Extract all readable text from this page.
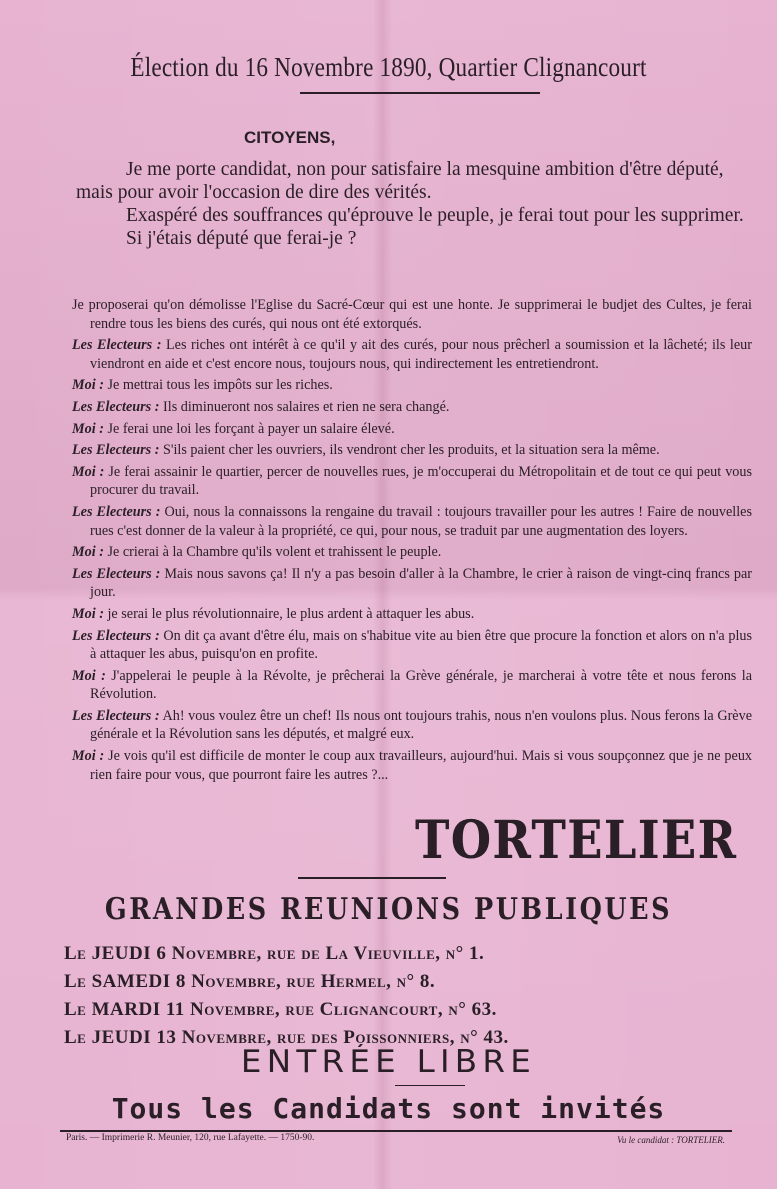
Élection du 16 Novembre 1890, Quartier Clignancourt
CITOYENS,

Je me porte candidat, non pour satisfaire la mesquine ambition d'être député, mais pour avoir l'occasion de dire des vérités.

Exaspéré des souffrances qu'éprouve le peuple, je ferai tout pour les supprimer.

Si j'étais député que ferai-je ?

Je proposerai qu'on démolisse l'Eglise du Sacré-Cœur qui est une honte. Je supprimerai le budjet des Cultes, je ferai rendre tous les biens des curés, qui nous ont été extorqués.

Les Electeurs : Les riches ont intérêt à ce qu'il y ait des curés, pour nous prêcherl a soumission et la lâcheté; ils leur viendront en aide et c'est encore nous, toujours nous, qui indirectement les entretiendront.

Moi : Je mettrai tous les impôts sur les riches.

Les Electeurs : Ils diminueront nos salaires et rien ne sera changé.

Moi : Je ferai une loi les forçant à payer un salaire élevé.

Les Electeurs : S'ils paient cher les ouvriers, ils vendront cher les produits, et la situation sera la même.

Moi : Je ferai assainir le quartier, percer de nouvelles rues, je m'occuperai du Métropolitain et de tout ce qui peut vous procurer du travail.

Les Electeurs : Oui, nous la connaissons la rengaine du travail : toujours travailler pour les autres ! Faire de nouvelles rues c'est donner de la valeur à la propriété, ce qui, pour nous, se traduit par une augmentation des loyers.

Moi : Je crierai à la Chambre qu'ils volent et trahissent le peuple.

Les Electeurs : Mais nous savons ça! Il n'y a pas besoin d'aller à la Chambre, le crier à raison de vingt-cinq francs par jour.

Moi : je serai le plus révolutionnaire, le plus ardent à attaquer les abus.

Les Electeurs : On dit ça avant d'être élu, mais on s'habitue vite au bien être que procure la fonction et alors on n'a plus à attaquer les abus, puisqu'on en profite.

Moi : J'appelerai le peuple à la Révolte, je prêcherai la Grève générale, je marcherai à votre tête et nous ferons la Révolution.

Les Electeurs : Ah! vous voulez être un chef! Ils nous ont toujours trahis, nous n'en voulons plus. Nous ferons la Grève générale et la Révolution sans les députés, et malgré eux.

Moi : Je vois qu'il est difficile de monter le coup aux travailleurs, aujourd'hui. Mais si vous soupçonnez que je ne peux rien faire pour vous, que pourront faire les autres ?...

TORTELIER
GRANDES REUNIONS PUBLIQUES
Le JEUDI 6 Novembre, rue de La Vieuville, n° 1.
Le SAMEDI 8 Novembre, rue Hermel, n° 8.
Le MARDI 11 Novembre, rue Clignancourt, n° 63.
Le JEUDI 13 Novembre, rue des Poissonniers, n° 43.
ENTRÉE LIBRE
Tous les Candidats sont invités
Paris. — Imprimerie R. Meunier, 120, rue Lafayette. — 1750-90.	Vu le candidat : TORTELIER.
